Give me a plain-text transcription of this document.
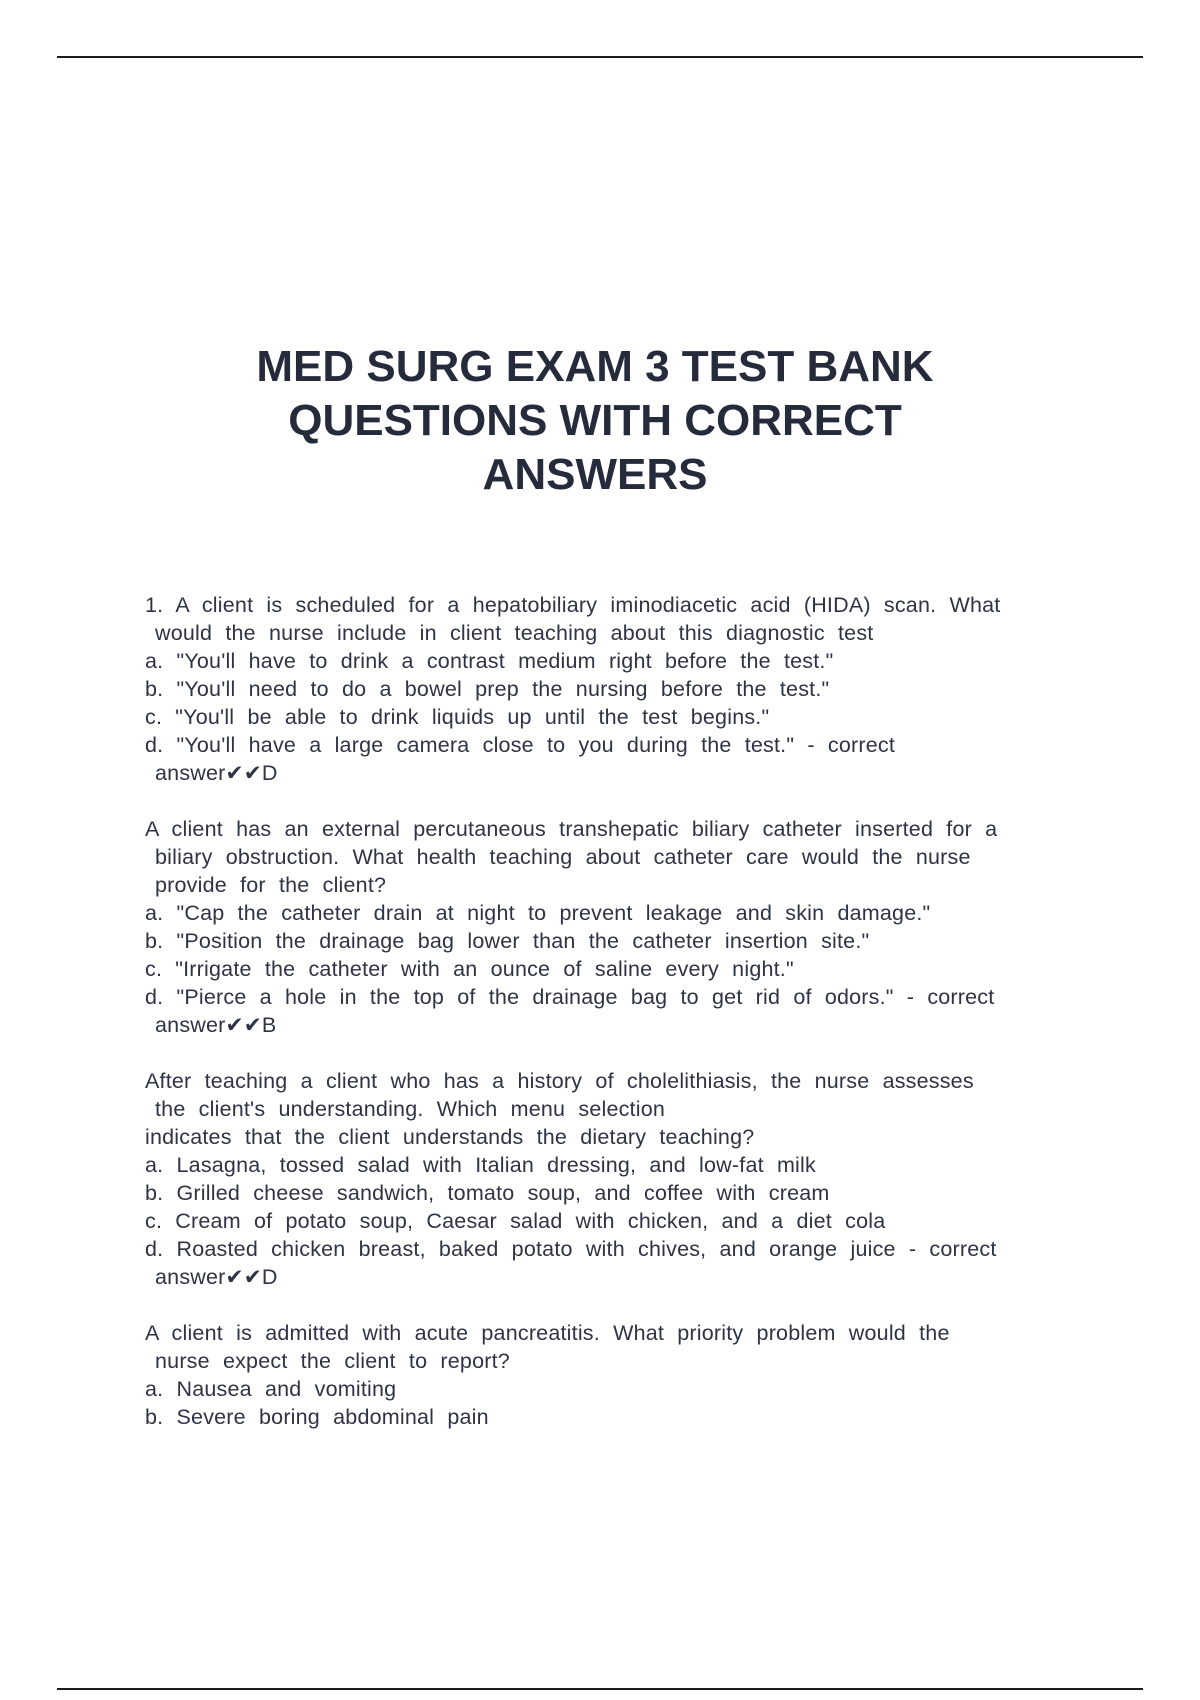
MED SURG EXAM 3 TEST BANK
QUESTIONS WITH CORRECT
ANSWERS
1. A client is scheduled for a hepatobiliary iminodiacetic acid (HIDA) scan. What
would the nurse include in client teaching about this diagnostic test
a. "You'll have to drink a contrast medium right before the test."
b. "You'll need to do a bowel prep the nursing before the test."
c. "You'll be able to drink liquids up until the test begins."
d. "You'll have a large camera close to you during the test." - correct
answer✔✔D
A client has an external percutaneous transhepatic biliary catheter inserted for a
biliary obstruction. What health teaching about catheter care would the nurse
provide for the client?
a. "Cap the catheter drain at night to prevent leakage and skin damage."
b. "Position the drainage bag lower than the catheter insertion site."
c. "Irrigate the catheter with an ounce of saline every night."
d. "Pierce a hole in the top of the drainage bag to get rid of odors." - correct
answer✔✔B
After teaching a client who has a history of cholelithiasis, the nurse assesses
the client's understanding. Which menu selection
indicates that the client understands the dietary teaching?
a. Lasagna, tossed salad with Italian dressing, and low-fat milk
b. Grilled cheese sandwich, tomato soup, and coffee with cream
c. Cream of potato soup, Caesar salad with chicken, and a diet cola
d. Roasted chicken breast, baked potato with chives, and orange juice - correct
answer✔✔D
A client is admitted with acute pancreatitis. What priority problem would the
nurse expect the client to report?
a. Nausea and vomiting
b. Severe boring abdominal pain
